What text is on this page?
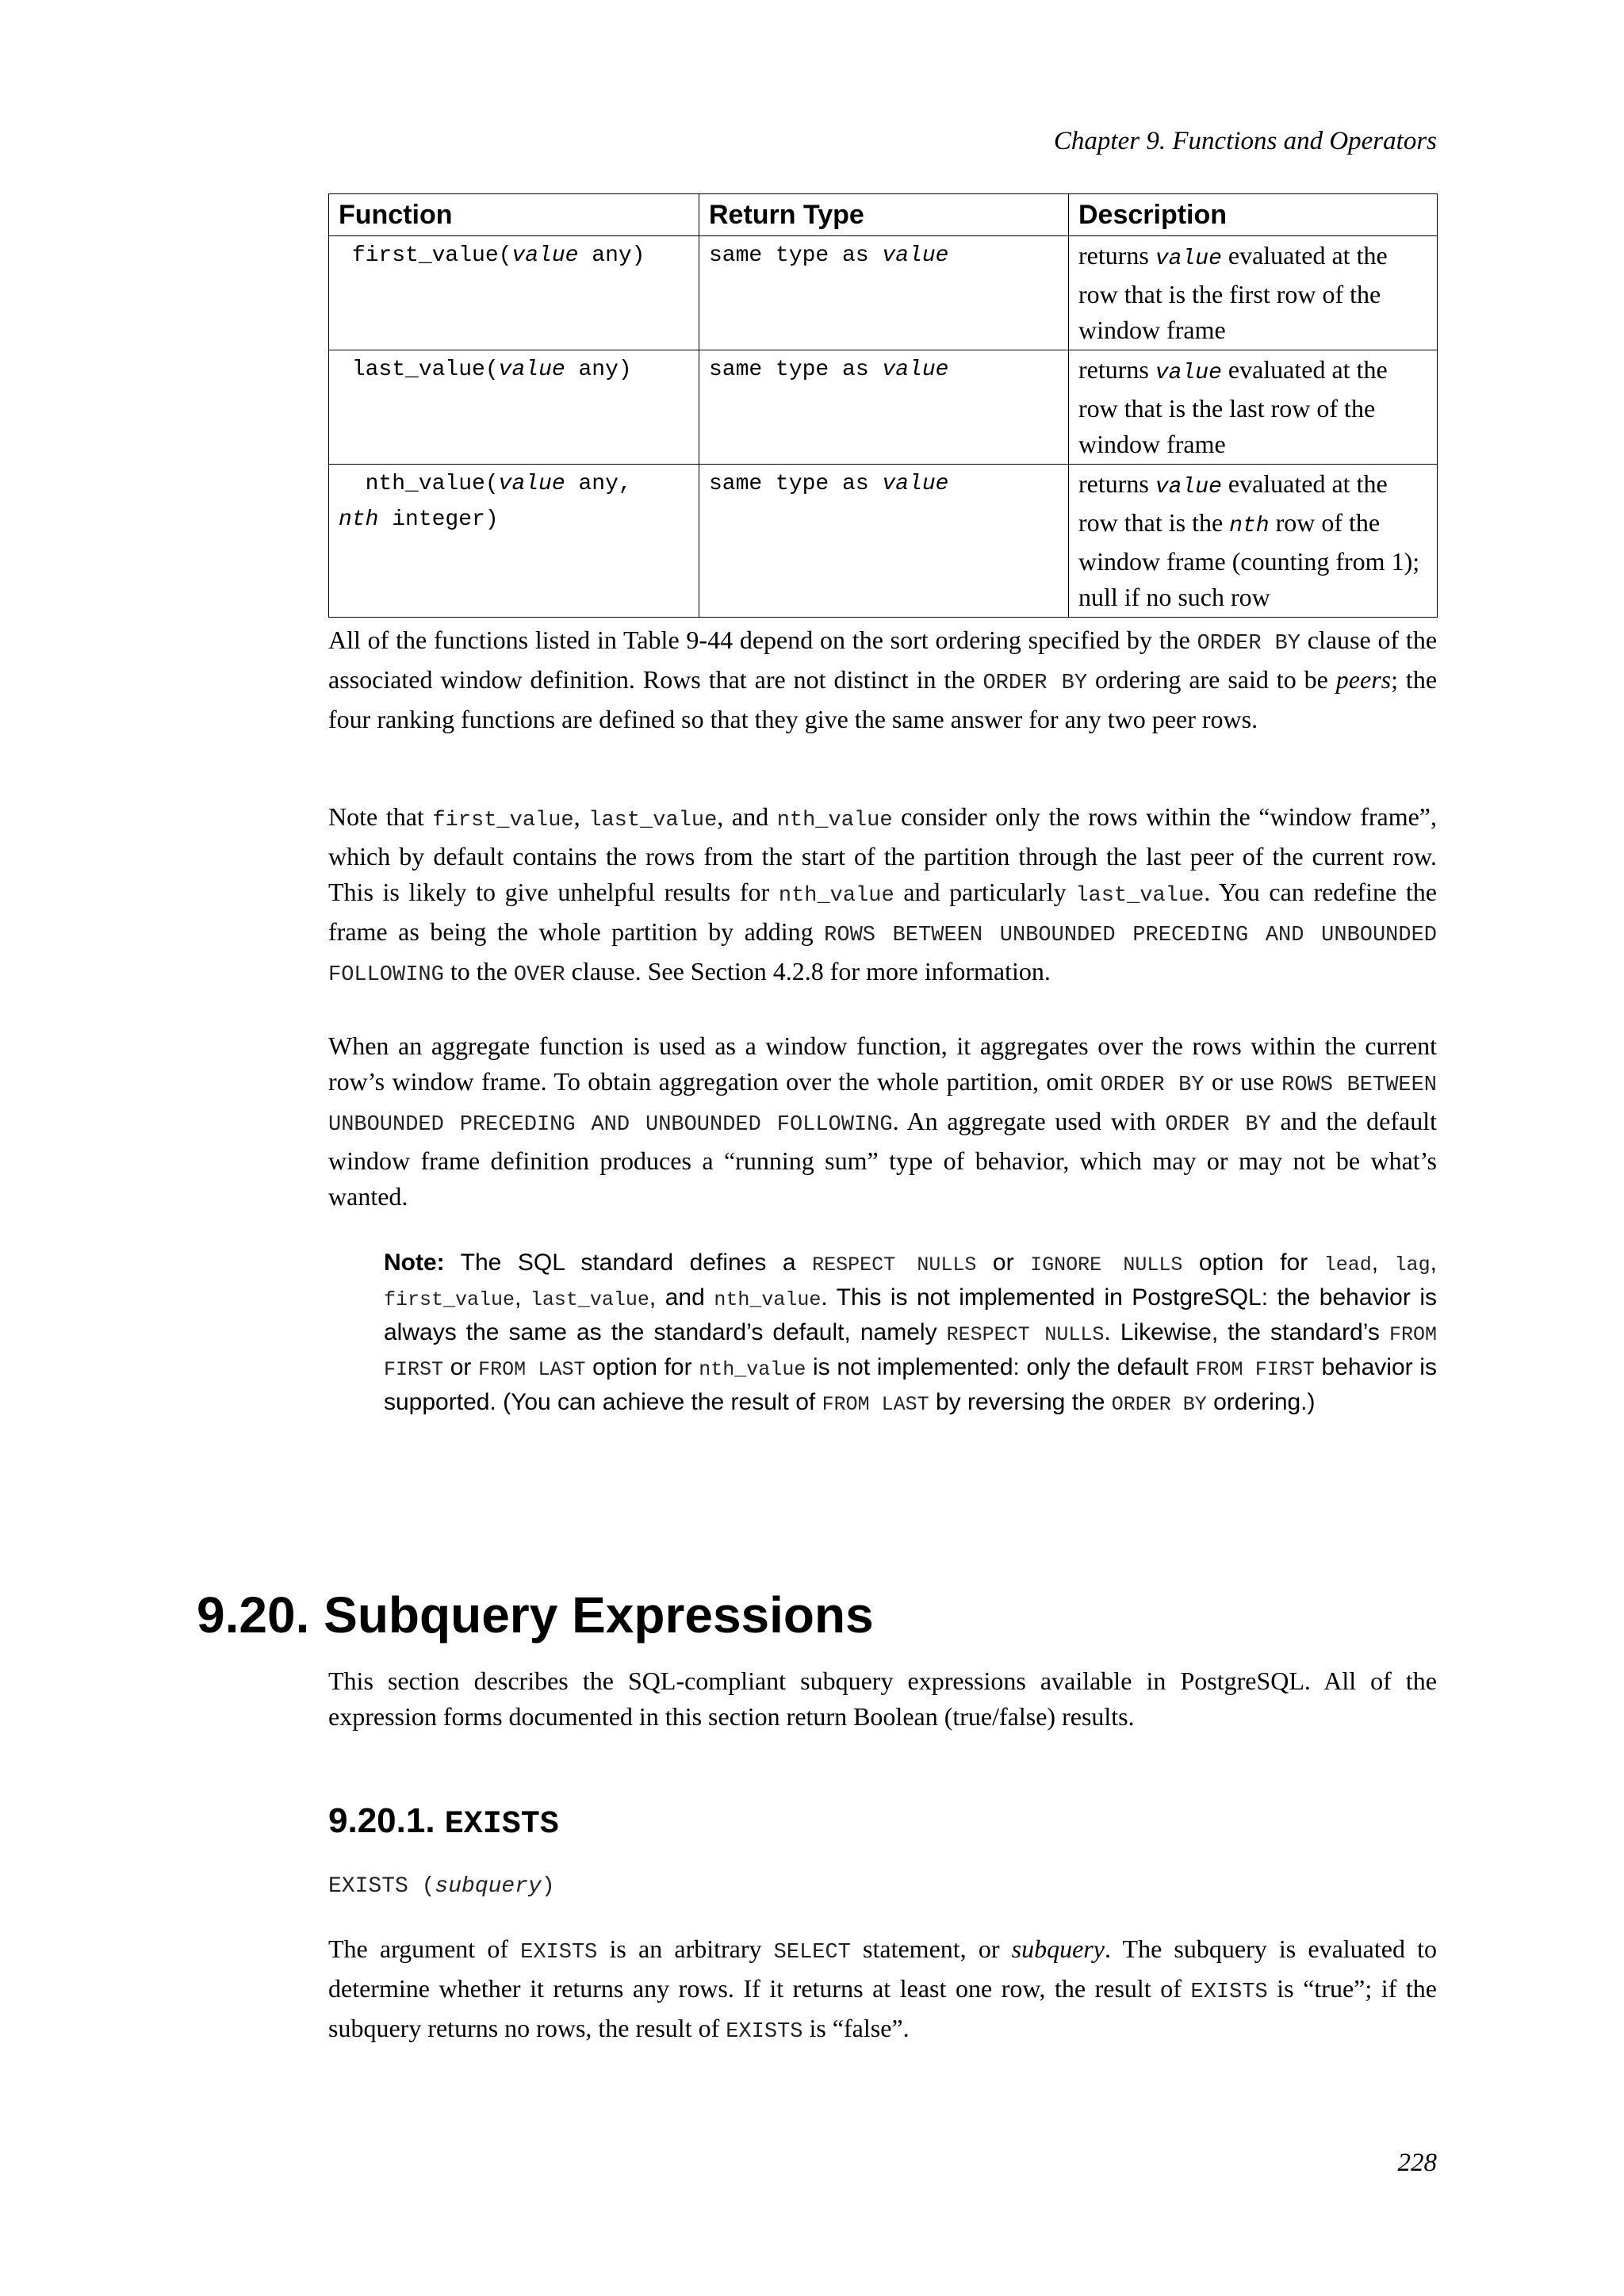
Chapter 9. Functions and Operators
Function	Return Type	Description
first_value(value any)	same type as value	returns value evaluated at the row that is the first row of the window frame
last_value(value any)	same type as value	returns value evaluated at the row that is the last row of the window frame
nth_value(value any,
nth integer)	same type as value	returns value evaluated at the row that is the nth row of the window frame (counting from 1); null if no such row

All of the functions listed in Table 9-44 depend on the sort ordering specified by the ORDER BY clause of the associated window definition. Rows that are not distinct in the ORDER BY ordering are said to be peers; the four ranking functions are defined so that they give the same answer for any two peer rows.

Note that first_value, last_value, and nth_value consider only the rows within the “window frame”, which by default contains the rows from the start of the partition through the last peer of the current row. This is likely to give unhelpful results for nth_value and particularly last_value. You can redefine the frame as being the whole partition by adding ROWS BETWEEN UNBOUNDED PRECEDING AND UNBOUNDED FOLLOWING to the OVER clause. See Section 4.2.8 for more information.

When an aggregate function is used as a window function, it aggregates over the rows within the current row’s window frame. To obtain aggregation over the whole partition, omit ORDER BY or use ROWS BETWEEN UNBOUNDED PRECEDING AND UNBOUNDED FOLLOWING. An aggregate used with ORDER BY and the default window frame definition produces a “running sum” type of behavior, which may or may not be what’s wanted.

Note: The SQL standard defines a RESPECT NULLS or IGNORE NULLS option for lead, lag, first_value, last_value, and nth_value. This is not implemented in PostgreSQL: the behavior is always the same as the standard’s default, namely RESPECT NULLS. Likewise, the standard’s FROM FIRST or FROM LAST option for nth_value is not implemented: only the default FROM FIRST behavior is supported. (You can achieve the result of FROM LAST by reversing the ORDER BY ordering.)

9.20. Subquery Expressions

This section describes the SQL-compliant subquery expressions available in PostgreSQL. All of the expression forms documented in this section return Boolean (true/false) results.

9.20.1. EXISTS
EXISTS (subquery)

The argument of EXISTS is an arbitrary SELECT statement, or subquery. The subquery is evaluated to determine whether it returns any rows. If it returns at least one row, the result of EXISTS is “true”; if the subquery returns no rows, the result of EXISTS is “false”.

228
